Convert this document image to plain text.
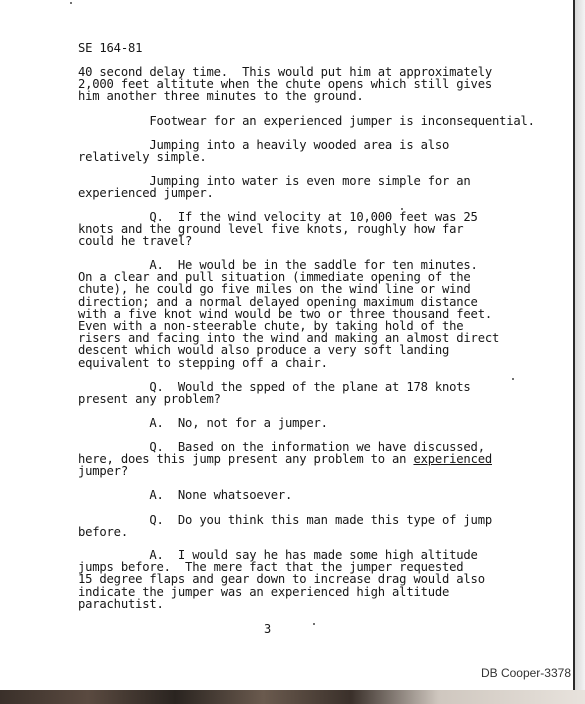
SE 164-81
40 second delay time.  This would put him at approximately
2,000 feet altitute when the chute opens which still gives
him another three minutes to the ground.
Footwear for an experienced jumper is inconsequential.
Jumping into a heavily wooded area is also
relatively simple.
Jumping into water is even more simple for an
experienced jumper.
Q.  If the wind velocity at 10,000 feet was 25
knots and the ground level five knots, roughly how far
could he travel?
A.  He would be in the saddle for ten minutes.
On a clear and pull situation (immediate opening of the
chute), he could go five miles on the wind line or wind
direction; and a normal delayed opening maximum distance
with a five knot wind would be two or three thousand feet.
Even with a non-steerable chute, by taking hold of the
risers and facing into the wind and making an almost direct
descent which would also produce a very soft landing
equivalent to stepping off a chair.
Q.  Would the spped of the plane at 178 knots
present any problem?
A.  No, not for a jumper.
Q.  Based on the information we have discussed,
here, does this jump present any problem to an experienced
jumper?
A.  None whatsoever.
Q.  Do you think this man made this type of jump
before.
A.  I would say he has made some high altitude
jumps before.  The mere fact that the jumper requested
15 degree flaps and gear down to increase drag would also
indicate the jumper was an experienced high altitude
parachutist.
3
DB Cooper-3378
